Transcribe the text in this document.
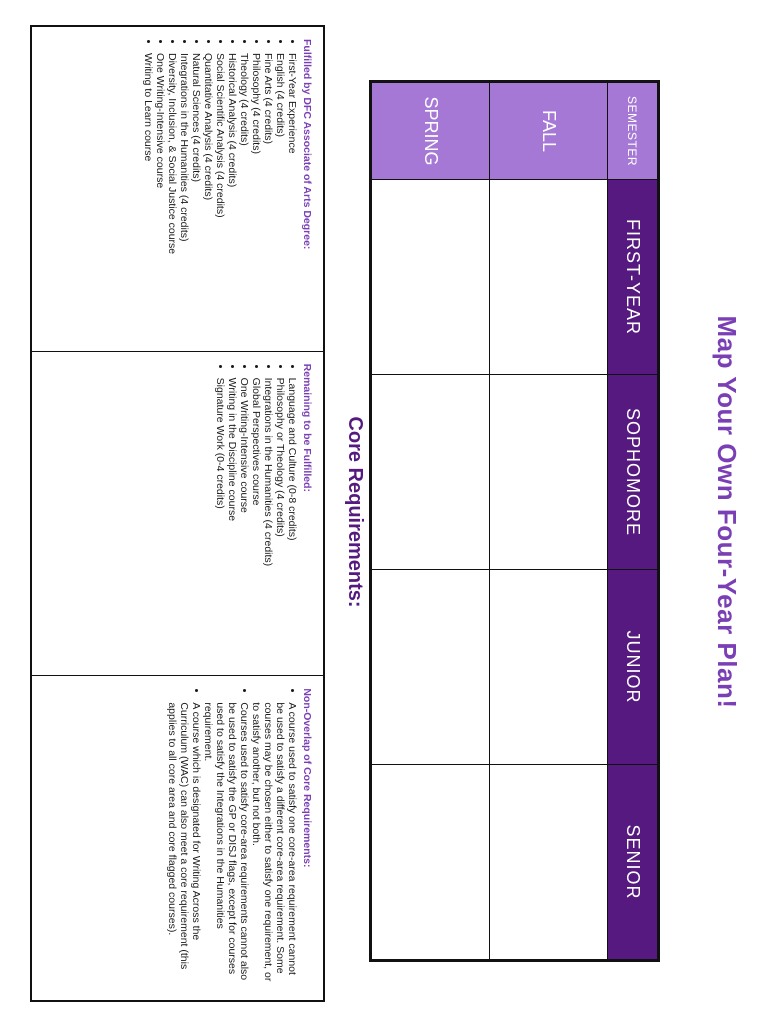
Map Your Own Four-Year Plan!
SEMESTER	FIRST-YEAR	SOPHOMORE	JUNIOR	SENIOR
FALL				
SPRING				
Core Requirements:
Fulfilled by DFC Associate of Arts Degree:
• First-Year Experience
• English (4 credits)
• Fine Arts (4 credits)
• Philosophy (4 credits)
• Theology (4 credits)
• Historical Analysis (4 credits)
• Social Scientific Analysis (4 credits)
• Quantitative Analysis (4 credits)
• Natural Sciences (4 credits)
• Integrations in the Humanities (4 credits)
• Diversity, Inclusion, & Social Justice course
• One Writing-Intensive course
• Writing to Learn course
Remaining to be Fulfilled:
• Language and Culture (0-8 credits)
• Philosophy or Theology (4 credits)
• Integrations in the Humanities (4 credits)
• Global Perspectives course
• One Writing-Intensive course
• Writing in the Discipline course
• Signature Work (0-4 credits)
Non-Overlap of Core Requirements:
• A course used to satisfy one core-area requirement cannot be used to satisfy a different core-area requirement. Some courses may be chosen either to satisfy one requirement, or to satisfy another, but not both.
• Courses used to satisfy core-area requirements cannot also be used to satisfy the GP or DISJ flags, except for courses used to satisfy the Integrations in the Humanities requirement.
• A course which is designated for Writing Across the Curriculum (WAC) can also meet a core requirement (this applies to all core area and core flagged courses).
